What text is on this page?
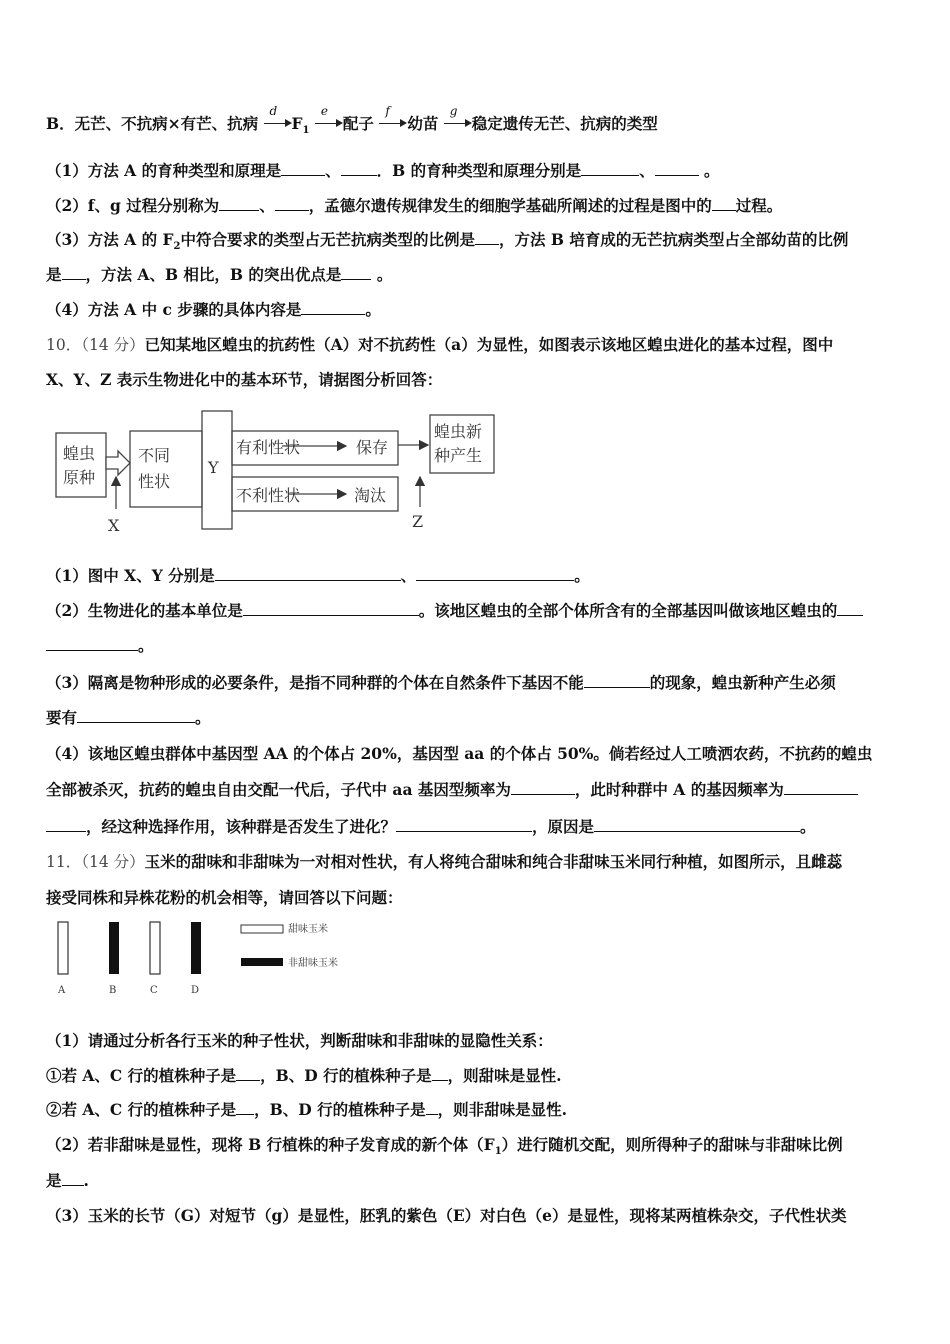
B．无芒、不抗病×有芒、抗病
d
$F_1$
e
配子
f
幼苗
g
稳定遗传无芒、抗病的类型
（1）方法 A 的育种类型和原理是	、 ．B 的育种类型和原理分别是	、	。
（2）f、g 过程分别称为	、 ，孟德尔遗传规律发生的细胞学基础所阐述的过程是图中的 过程。
（3）方法 A 的 $F_2$中符合要求的类型占无芒抗病类型的比例是 ，方法 B 培育成的无芒抗病类型占全部幼苗的比例
是 ，方法 A、B 相比，B 的突出优点是 。
（4）方法 A 中 c 步骤的具体内容是	。
10．（14 分）已知某地区蝗虫的抗药性（A）对不抗药性（a）为显性，如图表示该地区蝗虫进化的基本过程，图中
X、Y、Z 表示生物进化中的基本环节，请据图分析回答：
蝗虫
原种
不同
性状
Y
有利性状	保存
不利性状	淘汰
蝗虫新
种产生
X	Z
（1）图中 X、Y 分别是	、	。
（2）生物进化的基本单位是	。该地区蝗虫的全部个体所含有的全部基因叫做该地区蝗虫的
。
（3）隔离是物种形成的必要条件，是指不同种群的个体在自然条件下基因不能	的现象，蝗虫新种产生必须
要有	。
（4）该地区蝗虫群体中基因型 AA 的个体占 20%，基因型 aa 的个体占 50%。倘若经过人工喷洒农药，不抗药的蝗虫
全部被杀灭，抗药的蝗虫自由交配一代后，子代中 aa 基因型频率为	，此时种群中 A 的基因频率为
，经这种选择作用，该种群是否发生了进化？	，原因是	。
11．（14 分）玉米的甜味和非甜味为一对相对性状，有人将纯合甜味和纯合非甜味玉米同行种植，如图所示，且雌蕊
接受同株和异株花粉的机会相等，请回答以下问题：
A	B	C	D
甜味玉米
非甜味玉米
（1）请通过分析各行玉米的种子性状，判断甜味和非甜味的显隐性关系：
①若 A、C 行的植株种子是 ，B、D 行的植株种子是 ，则甜味是显性.
②若 A、C 行的植株种子是 ，B、D 行的植株种子是 ，则非甜味是显性.
（2）若非甜味是显性，现将 B 行植株的种子发育成的新个体$(F_1)$进行随机交配，则所得种子的甜味与非甜味比例
是 .
（3）玉米的长节（G）对短节（g）是显性，胚乳的紫色（E）对白色（e）是显性，现将某两植株杂交，子代性状类
